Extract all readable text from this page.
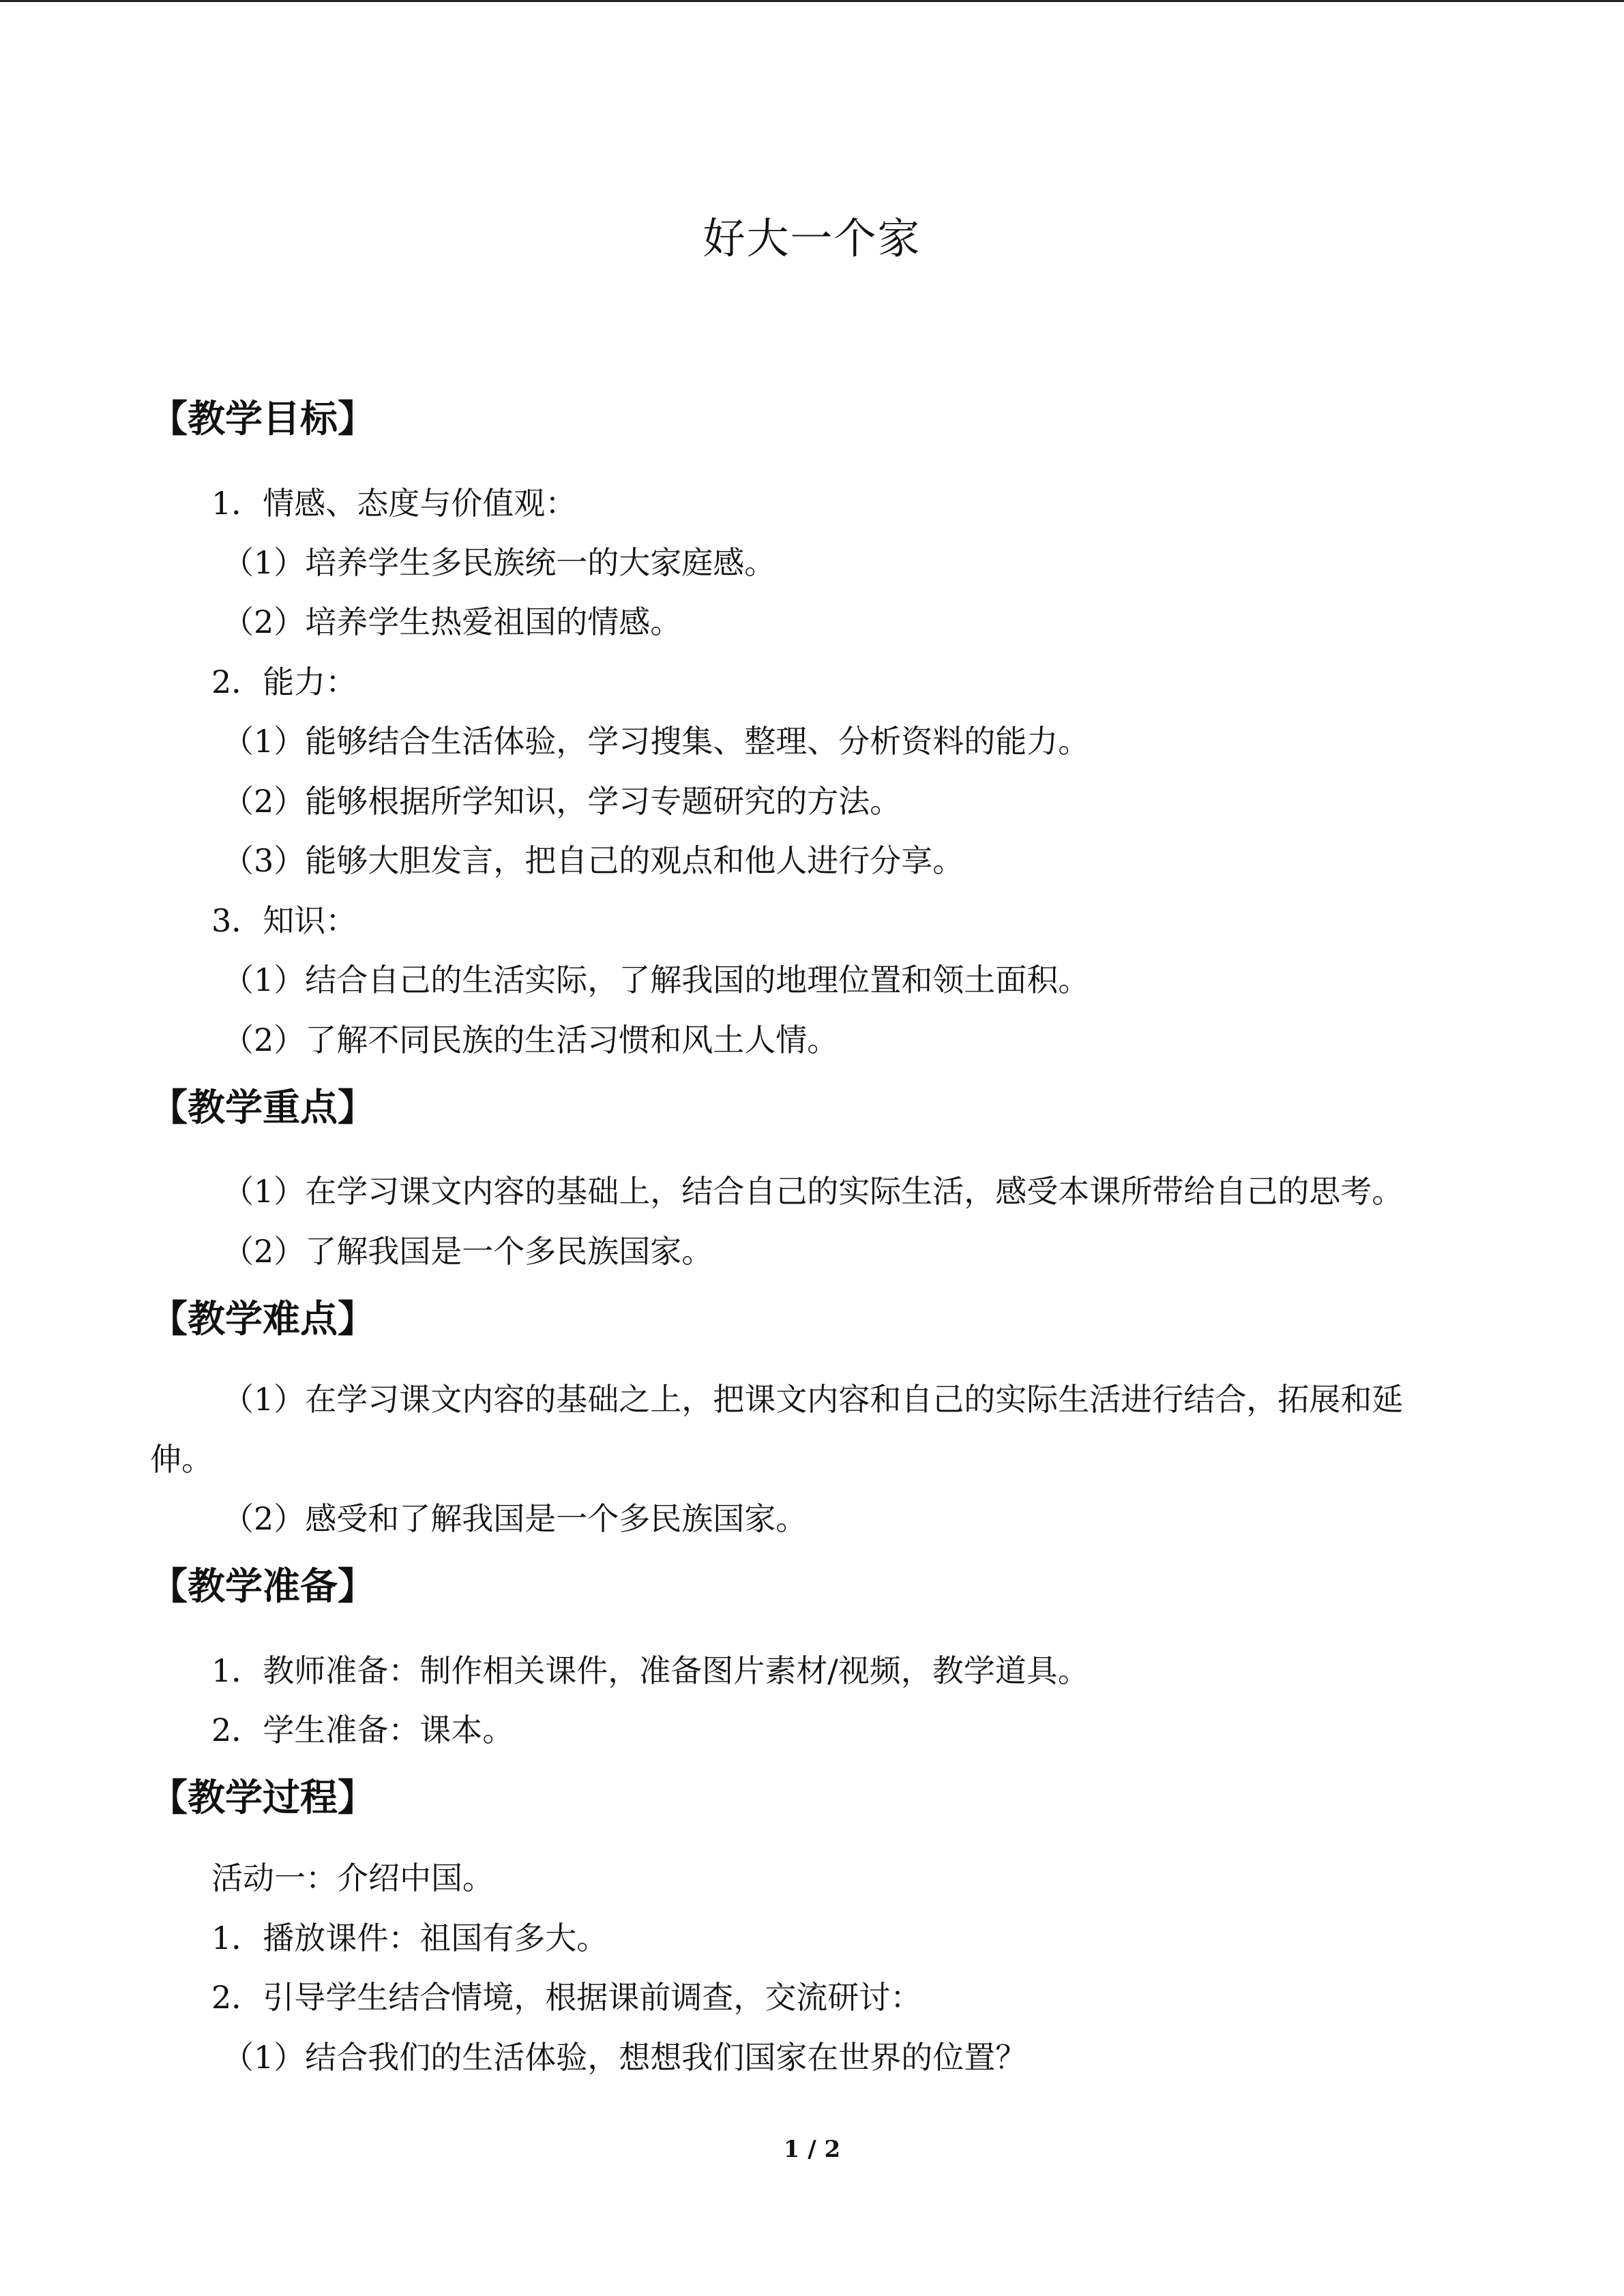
好大一个家
【教学目标】
1．情感、态度与价值观：
（1）培养学生多民族统一的大家庭感。
（2）培养学生热爱祖国的情感。
2．能力：
（1）能够结合生活体验，学习搜集、整理、分析资料的能力。
（2）能够根据所学知识，学习专题研究的方法。
（3）能够大胆发言，把自己的观点和他人进行分享。
3．知识：
（1）结合自己的生活实际，了解我国的地理位置和领土面积。
（2）了解不同民族的生活习惯和风土人情。
【教学重点】
（1）在学习课文内容的基础上，结合自己的实际生活，感受本课所带给自己的思考。
（2）了解我国是一个多民族国家。
【教学难点】
（1）在学习课文内容的基础之上，把课文内容和自己的实际生活进行结合，拓展和延
伸。
（2）感受和了解我国是一个多民族国家。
【教学准备】
1．教师准备：制作相关课件，准备图片素材/视频，教学道具。
2．学生准备：课本。
【教学过程】
活动一：介绍中国。
1．播放课件：祖国有多大。
2．引导学生结合情境，根据课前调查，交流研讨：
（1）结合我们的生活体验，想想我们国家在世界的位置？
1 / 2
